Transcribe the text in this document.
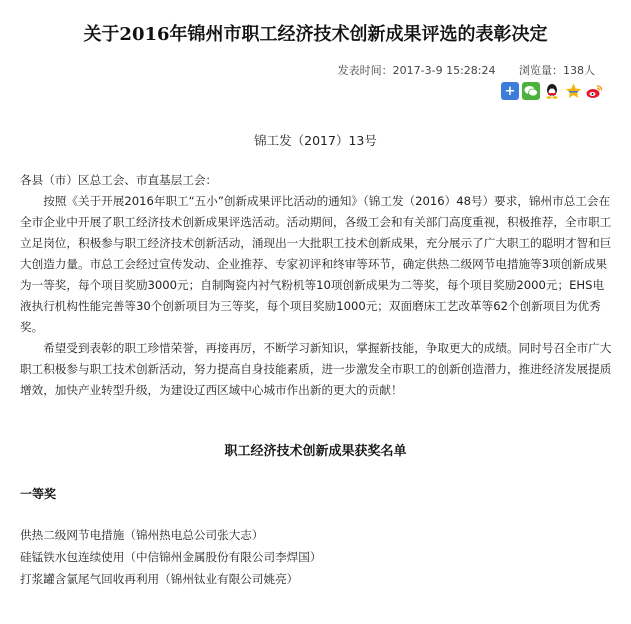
关于2016年锦州市职工经济技术创新成果评选的表彰决定
发表时间：2017-3-9 15:28:24 浏览量：138人
+
锦工发（2017）13号

各县（市）区总工会、市直基层工会：

按照《关于开展2016年职工“五小”创新成果评比活动的通知》（锦工发（2016）48号）要求，锦州市总工会在全市企业中开展了职工经济技术创新成果评选活动。活动期间，各级工会和有关部门高度重视，积极推荐，全市职工立足岗位，积极参与职工经济技术创新活动，涌现出一大批职工技术创新成果，充分展示了广大职工的聪明才智和巨大创造力量。市总工会经过宣传发动、企业推荐、专家初评和终审等环节，确定供热二级网节电措施等3项创新成果为一等奖，每个项目奖励3000元；自制陶瓷内衬气粉机等10项创新成果为二等奖，每个项目奖励2000元；EHS电液执行机构性能完善等30个创新项目为三等奖，每个项目奖励1000元；双面磨床工艺改革等62个创新项目为优秀奖。

希望受到表彰的职工珍惜荣誉，再接再厉，不断学习新知识，掌握新技能，争取更大的成绩。同时号召全市广大职工积极参与职工技术创新活动，努力提高自身技能素质，进一步激发全市职工的创新创造潜力，推进经济发展提质增效，加快产业转型升级，为建设辽西区域中心城市作出新的更大的贡献！

职工经济技术创新成果获奖名单
一等奖
供热二级网节电措施（锦州热电总公司张大志）
硅锰铁水包连续使用（中信锦州金属股份有限公司李焊国）
打浆罐含氯尾气回收再利用（锦州钛业有限公司姚亮）
